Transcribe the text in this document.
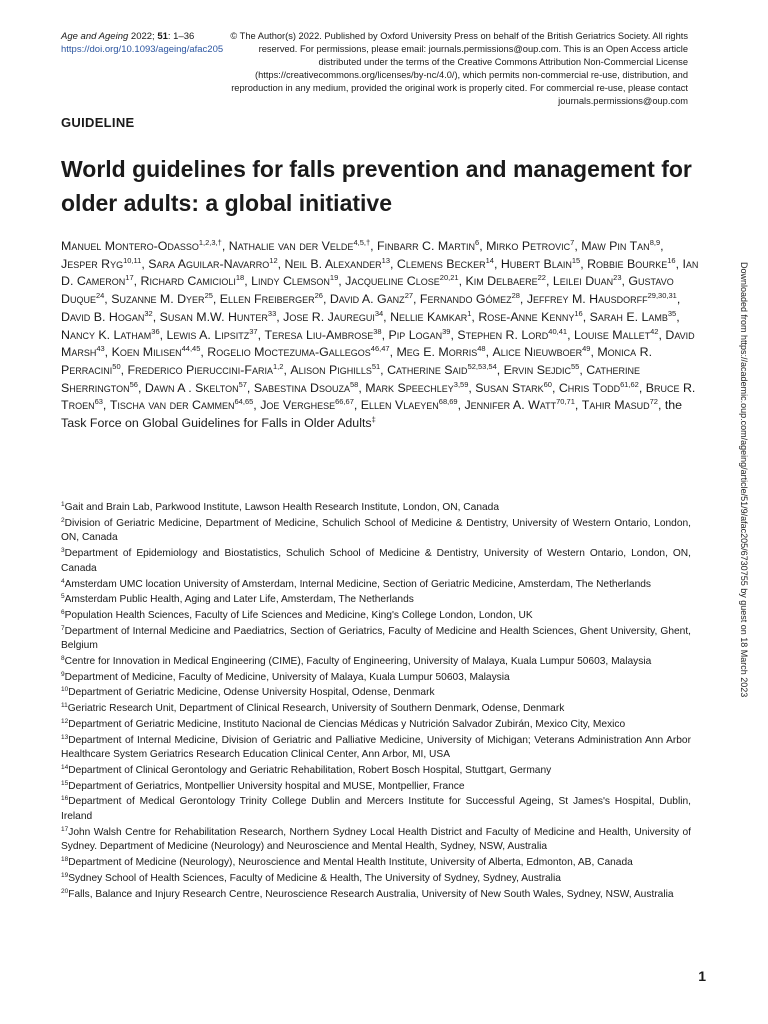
Age and Ageing 2022; 51: 1–36
https://doi.org/10.1093/ageing/afac205
© The Author(s) 2022. Published by Oxford University Press on behalf of the British Geriatrics Society. All rights reserved. For permissions, please email: journals.permissions@oup.com. This is an Open Access article distributed under the terms of the Creative Commons Attribution Non-Commercial License (https://creativecommons.org/licenses/by-nc/4.0/), which permits non-commercial re-use, distribution, and reproduction in any medium, provided the original work is properly cited. For commercial re-use, please contact journals.permissions@oup.com
GUIDELINE
World guidelines for falls prevention and management for older adults: a global initiative
Manuel Montero-Odasso$^{1,2,3,\dagger}$, Nathalie van der Velde$^{4,5,\dagger}$, Finbarr C. Martin$^6$, Mirko Petrovic$^7$, Maw Pin Tan$^{8,9}$, Jesper Ryg$^{10,11}$, Sara Aguilar-Navarro$^{12}$, Neil B. Alexander$^{13}$, Clemens Becker$^{14}$, Hubert Blain$^{15}$, Robbie Bourke$^{16}$, Ian D. Cameron$^{17}$, Richard Camicioli$^{18}$, Lindy Clemson$^{19}$, Jacqueline Close$^{20,21}$, Kim Delbaere$^{22}$, Leilei Duan$^{23}$, Gustavo Duque$^{24}$, Suzanne M. Dyer$^{25}$, Ellen Freiberger$^{26}$, David A. Ganz$^{27}$, Fernando Gómez$^{28}$, Jeffrey M. Hausdorff$^{29,30,31}$, David B. Hogan$^{32}$, Susan M.W. Hunter$^{33}$, Jose R. Jauregui$^{34}$, Nellie Kamkar$^1$, Rose-Anne Kenny$^{16}$, Sarah E. Lamb$^{35}$, Nancy K. Latham$^{36}$, Lewis A. Lipsitz$^{37}$, Teresa Liu-Ambrose$^{38}$, Pip Logan$^{39}$, Stephen R. Lord$^{40,41}$, Louise Mallet$^{42}$, David Marsh$^{43}$, Koen Milisen$^{44,45}$, Rogelio Moctezuma-Gallegos$^{46,47}$, Meg E. Morris$^{48}$, Alice Nieuwboer$^{49}$, Monica R. Perracini$^{50}$, Frederico Pieruccini-Faria$^{1,2}$, Alison Pighills$^{51}$, Catherine Said$^{52,53,54}$, Ervin Sejdic$^{55}$, Catherine Sherrington$^{56}$, Dawn A . Skelton$^{57}$, Sabestina Dsouza$^{58}$, Mark Speechley$^{3,59}$, Susan Stark$^{60}$, Chris Todd$^{61,62}$, Bruce R. Troen$^{63}$, Tischa van der Cammen$^{64,65}$, Joe Verghese$^{66,67}$, Ellen Vlaeyen$^{68,69}$, Jennifer A. Watt$^{70,71}$, Tahir Masud$^{72}$, the Task Force on Global Guidelines for Falls in Older Adults‡

$^1$Gait and Brain Lab, Parkwood Institute, Lawson Health Research Institute, London, ON, Canada

$^2$Division of Geriatric Medicine, Department of Medicine, Schulich School of Medicine & Dentistry, University of Western Ontario, London, ON, Canada

$^3$Department of Epidemiology and Biostatistics, Schulich School of Medicine & Dentistry, University of Western Ontario, London, ON, Canada

$^4$Amsterdam UMC location University of Amsterdam, Internal Medicine, Section of Geriatric Medicine, Amsterdam, The Netherlands

$^5$Amsterdam Public Health, Aging and Later Life, Amsterdam, The Netherlands

$^6$Population Health Sciences, Faculty of Life Sciences and Medicine, King's College London, London, UK

$^7$Department of Internal Medicine and Paediatrics, Section of Geriatrics, Faculty of Medicine and Health Sciences, Ghent University, Ghent, Belgium

$^8$Centre for Innovation in Medical Engineering (CIME), Faculty of Engineering, University of Malaya, Kuala Lumpur 50603, Malaysia

$^9$Department of Medicine, Faculty of Medicine, University of Malaya, Kuala Lumpur 50603, Malaysia

$^{10}$Department of Geriatric Medicine, Odense University Hospital, Odense, Denmark

$^{11}$Geriatric Research Unit, Department of Clinical Research, University of Southern Denmark, Odense, Denmark

$^{12}$Department of Geriatric Medicine, Instituto Nacional de Ciencias Médicas y Nutrición Salvador Zubirán, Mexico City, Mexico

$^{13}$Department of Internal Medicine, Division of Geriatric and Palliative Medicine, University of Michigan; Veterans Administration Ann Arbor Healthcare System Geriatrics Research Education Clinical Center, Ann Arbor, MI, USA

$^{14}$Department of Clinical Gerontology and Geriatric Rehabilitation, Robert Bosch Hospital, Stuttgart, Germany

$^{15}$Department of Geriatrics, Montpellier University hospital and MUSE, Montpellier, France

$^{16}$Department of Medical Gerontology Trinity College Dublin and Mercers Institute for Successful Ageing, St James's Hospital, Dublin, Ireland

$^{17}$John Walsh Centre for Rehabilitation Research, Northern Sydney Local Health District and Faculty of Medicine and Health, University of Sydney. Department of Medicine (Neurology) and Neuroscience and Mental Health, Sydney, NSW, Australia

$^{18}$Department of Medicine (Neurology), Neuroscience and Mental Health Institute, University of Alberta, Edmonton, AB, Canada

$^{19}$Sydney School of Health Sciences, Faculty of Medicine & Health, The University of Sydney, Sydney, Australia

$^{20}$Falls, Balance and Injury Research Centre, Neuroscience Research Australia, University of New South Wales, Sydney, NSW, Australia

Downloaded from https://academic.oup.com/ageing/article/51/9/afac205/6730755 by guest on 18 March 2023
1
